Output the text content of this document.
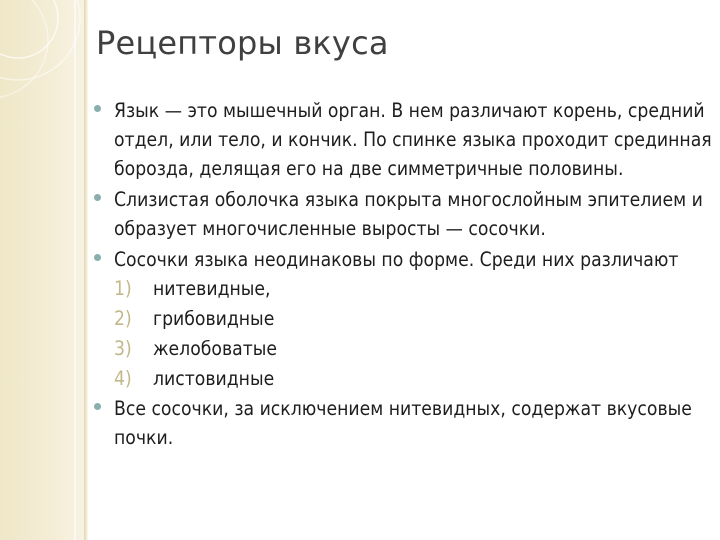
Рецепторы вкуса
Язык — это мышечный орган. В нем различают корень, средний отдел, или тело, и кончик. По спинке языка проходит срединная борозда, делящая его на две симметричные половины.
Слизистая оболочка языка покрыта многослойным эпителием и образует многочисленные выросты — сосочки.
Сосочки языка неодинаковы по форме. Среди них различают
1) нитевидные,
2) грибовидные
3) желобоватые
4) листовидные
Все сосочки, за исключением нитевидных, содержат вкусовые почки.
